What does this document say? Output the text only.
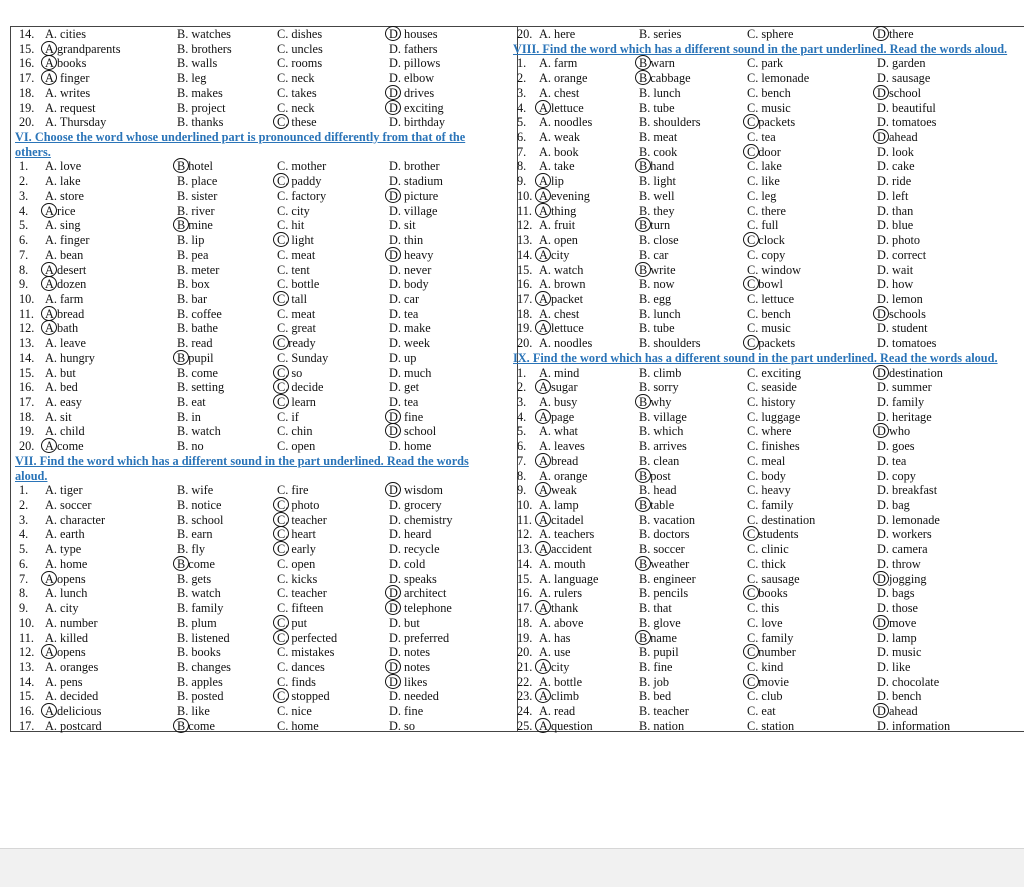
14. A. cities	B. watches	C. dishes	D. houses
15. A grandparents	B. brothers	C. uncles	D. fathers
16. A books	B. walls	C. rooms	D. pillows
17. A. finger	B. leg	C. neck	D. elbow
18. A. writes	B. makes	C. takes	D. drives
19. A. request	B. project	C. neck	D. exciting
20. A. Thursday	B. thanks	C. these	D. birthday
VI. Choose the word whose underlined part is pronounced differently from that of the
others.
1. A. love	B hotel	C. mother	D. brother
2. A. lake	B. place	C. paddy	D. stadium
3. A. store	B. sister	C. factory	D. picture
4. A rice	B. river	C. city	D. village
5. A. sing	B mine	C. hit	D. sit
6. A. finger	B. lip	C. light	D. thin
7. A. bean	B. pea	C. meat	D. heavy
8. A desert	B. meter	C. tent	D. never
9. A dozen	B. box	C. bottle	D. body
10. A. farm	B. bar	C. tall	D. car
11. A bread	B. coffee	C. meat	D. tea
12. A bath	B. bathe	C. great	D. make
13. A. leave	B. read	C ready	D. week
14. A. hungry	B pupil	C. Sunday	D. up
15. A. but	B. come	C. so	D. much
16. A. bed	B. setting	C. decide	D. get
17. A. easy	B. eat	C. learn	D. tea
18. A. sit	B. in	C. if	D. fine
19. A. child	B. watch	C. chin	D. school
20. A come	B. no	C. open	D. home
VII. Find the word which has a different sound in the part underlined. Read the words
aloud.
1. A. tiger	B. wife	C. fire	D. wisdom
2. A. soccer	B. notice	C. photo	D. grocery
3. A. character	B. school	C. teacher	D. chemistry
4. A. earth	B. earn	C. heart	D. heard
5. A. type	B. fly	C. early	D. recycle
6. A. home	B come	C. open	D. cold
7. A opens	B. gets	C. kicks	D. speaks
8. A. lunch	B. watch	C. teacher	D. architect
9. A. city	B. family	C. fifteen	D. telephone
10. A. number	B. plum	C. put	D. but
11. A. killed	B. listened	C. perfected	D. preferred
12. A opens	B. books	C. mistakes	D. notes
13. A. oranges	B. changes	C. dances	D. notes
14. A. pens	B. apples	C. finds	D. likes
15. A. decided	B. posted	C. stopped	D. needed
16. A delicious	B. like	C. nice	D. fine
17. A. postcard	B come	C. home	D. so
20. A. here	B. series	C. sphere	D there
VIII. Find the word which has a different sound in the part underlined. Read the words aloud.
1. A. farm	B warn	C. park	D. garden
2. A. orange	B cabbage	C. lemonade	D. sausage
3. A. chest	B. lunch	C. bench	D school
4. A lettuce	B. tube	C. music	D. beautiful
5. A. noodles	B. shoulders	C packets	D. tomatoes
6. A. weak	B. meat	C. tea	D ahead
7. A. book	B. cook	C door	D. look
8. A. take	B hand	C. lake	D. cake
9. A lip	B. light	C. like	D. ride
10. A evening	B. well	C. leg	D. left
11. A thing	B. they	C. there	D. than
12. A. fruit	B turn	C. full	D. blue
13. A. open	B. close	C clock	D. photo
14. A city	B. car	C. copy	D. correct
15. A. watch	B write	C. window	D. wait
16. A. brown	B. now	C bowl	D. how
17. A packet	B. egg	C. lettuce	D. lemon
18. A. chest	B. lunch	C. bench	D schools
19. A lettuce	B. tube	C. music	D. student
20. A. noodles	B. shoulders	C packets	D. tomatoes
IX. Find the word which has a different sound in the part underlined. Read the words aloud.
1. A. mind	B. climb	C. exciting	D destination
2. A sugar	B. sorry	C. seaside	D. summer
3. A. busy	B why	C. history	D. family
4. A page	B. village	C. luggage	D. heritage
5. A. what	B. which	C. where	D who
6. A. leaves	B. arrives	C. finishes	D. goes
7. A bread	B. clean	C. meal	D. tea
8. A. orange	B post	C. body	D. copy
9. A weak	B. head	C. heavy	D. breakfast
10. A. lamp	B table	C. family	D. bag
11. A citadel	B. vacation	C. destination	D. lemonade
12. A. teachers	B. doctors	C students	D. workers
13. A accident	B. soccer	C. clinic	D. camera
14. A. mouth	B weather	C. thick	D. throw
15. A. language	B. engineer	C. sausage	D jogging
16. A. rulers	B. pencils	C books	D. bags
17. A thank	B. that	C. this	D. those
18. A. above	B. glove	C. love	D move
19. A. has	B name	C. family	D. lamp
20. A. use	B. pupil	C number	D. music
21. A city	B. fine	C. kind	D. like
22. A. bottle	B. job	C movie	D. chocolate
23. A climb	B. bed	C. club	D. bench
24. A. read	B. teacher	C. eat	D ahead
25. A question	B. nation	C. station	D. information
